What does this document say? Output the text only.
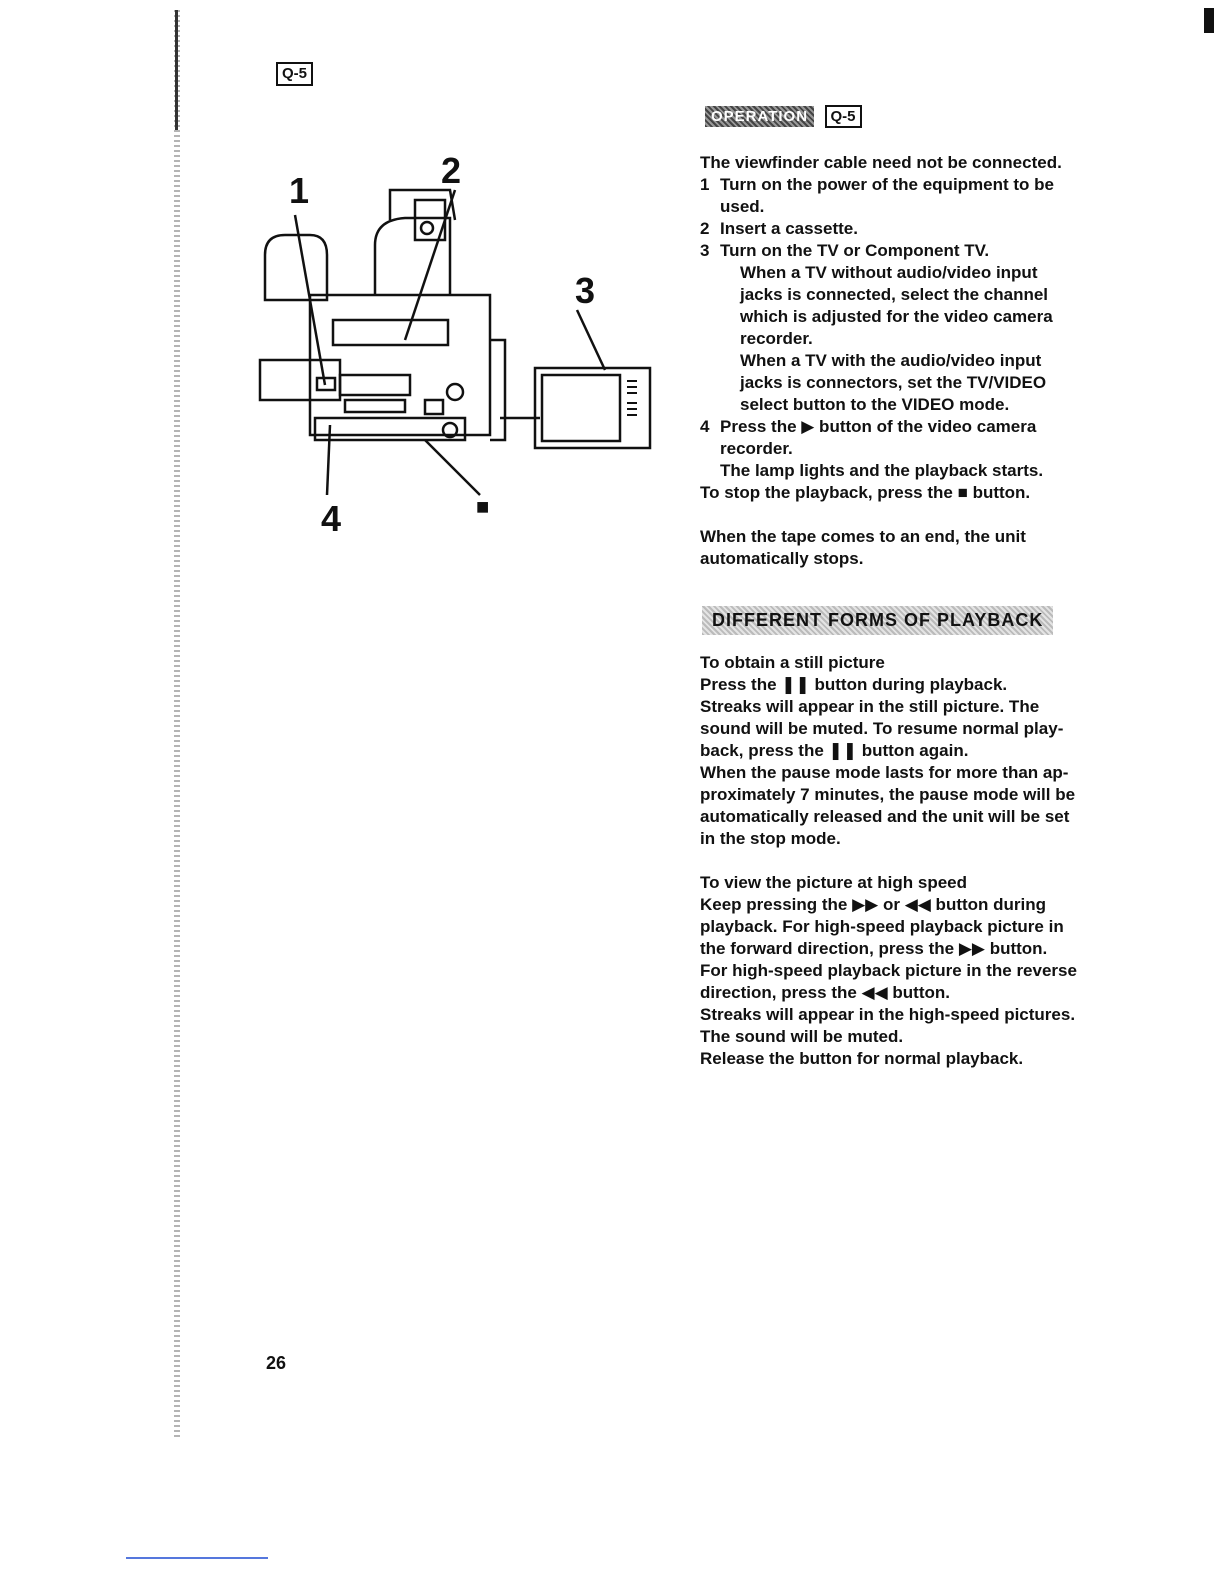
Q-5
1	2
3
4	■
OPERATION Q-5

The viewfinder cable need not be connected.

1 Turn on the power of the equipment to be

used.

2 Insert a cassette.

3 Turn on the TV or Component TV.

When a TV without audio/video input

jacks is connected, select the channel

which is adjusted for the video camera

recorder.

When a TV with the audio/video input

jacks is connectors, set the TV/VIDEO

select button to the VIDEO mode.

4 Press the ▶ button of the video camera

recorder.

The lamp lights and the playback starts.

To stop the playback, press the ■ button.

When the tape comes to an end, the unit

automatically stops.

DIFFERENT FORMS OF PLAYBACK

To obtain a still picture

Press the ❚❚ button during playback.

Streaks will appear in the still picture. The

sound will be muted. To resume normal play-

back, press the ❚❚ button again.

When the pause mode lasts for more than ap-

proximately 7 minutes, the pause mode will be

automatically released and the unit will be set

in the stop mode.

To view the picture at high speed

Keep pressing the ▶▶ or ◀◀ button during

playback. For high-speed playback picture in

the forward direction, press the ▶▶ button.

For high-speed playback picture in the reverse

direction, press the ◀◀ button.

Streaks will appear in the high-speed pictures.

The sound will be muted.

Release the button for normal playback.

26
